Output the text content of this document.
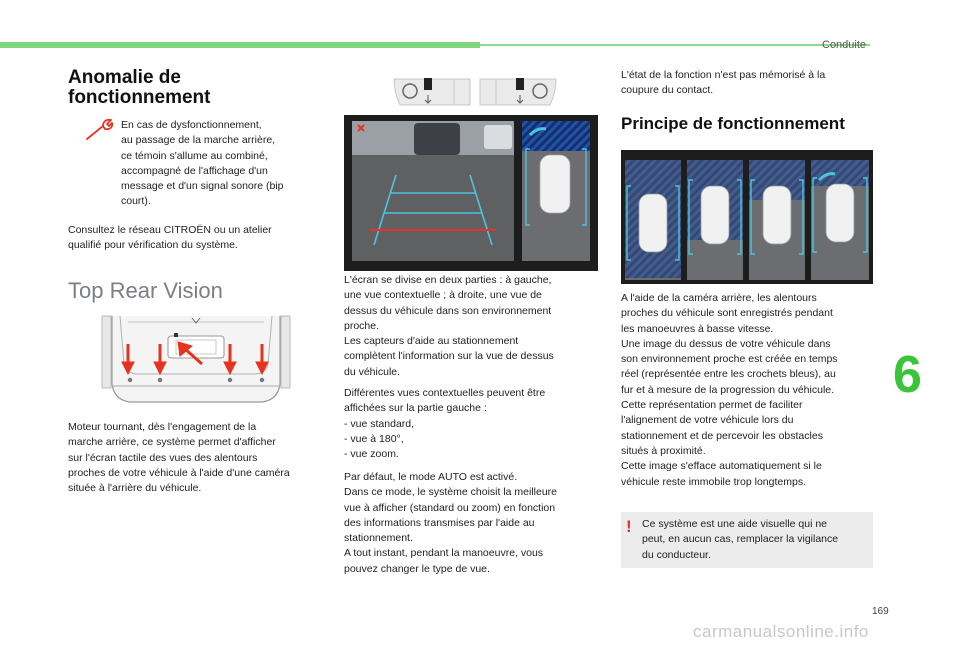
Conduite
6
169
carmanualsonline.info
Anomalie de
fonctionnement
En cas de dysfonctionnement,
au passage de la marche arrière,
ce témoin s'allume au combiné,
accompagné de l'affichage d'un
message et d'un signal sonore (bip
court).
Consultez le réseau CITROËN ou un atelier
qualifié pour vérification du système.
Top Rear Vision
Moteur tournant, dès l'engagement de la
marche arrière, ce système permet d'afficher
sur l'écran tactile des vues des alentours
proches de votre véhicule à l'aide d'une caméra
située à l'arrière du véhicule.
L'écran se divise en deux parties : à gauche,
une vue contextuelle ; à droite, une vue de
dessus du véhicule dans son environnement
proche.
Les capteurs d'aide au stationnement
complètent l'information sur la vue de dessus
du véhicule.
Différentes vues contextuelles peuvent être
affichées sur la partie gauche :
- vue standard,
- vue à 180°,
- vue zoom.
Par défaut, le mode AUTO est activé.
Dans ce mode, le système choisit la meilleure
vue à afficher (standard ou zoom) en fonction
des informations transmises par l'aide au
stationnement.
A tout instant, pendant la manoeuvre, vous
pouvez changer le type de vue.
L'état de la fonction n'est pas mémorisé à la
coupure du contact.
Principe de fonctionnement
A l'aide de la caméra arrière, les alentours
proches du véhicule sont enregistrés pendant
les manoeuvres à basse vitesse.
Une image du dessus de votre véhicule dans
son environnement proche est créée en temps
réel (représentée entre les crochets bleus), au
fur et à mesure de la progression du véhicule.
Cette représentation permet de faciliter
l'alignement de votre véhicule lors du
stationnement et de percevoir les obstacles
situés à proximité.
Cette image s'efface automatiquement si le
véhicule reste immobile trop longtemps.
! Ce système est une aide visuelle qui ne
peut, en aucun cas, remplacer la vigilance
du conducteur.
